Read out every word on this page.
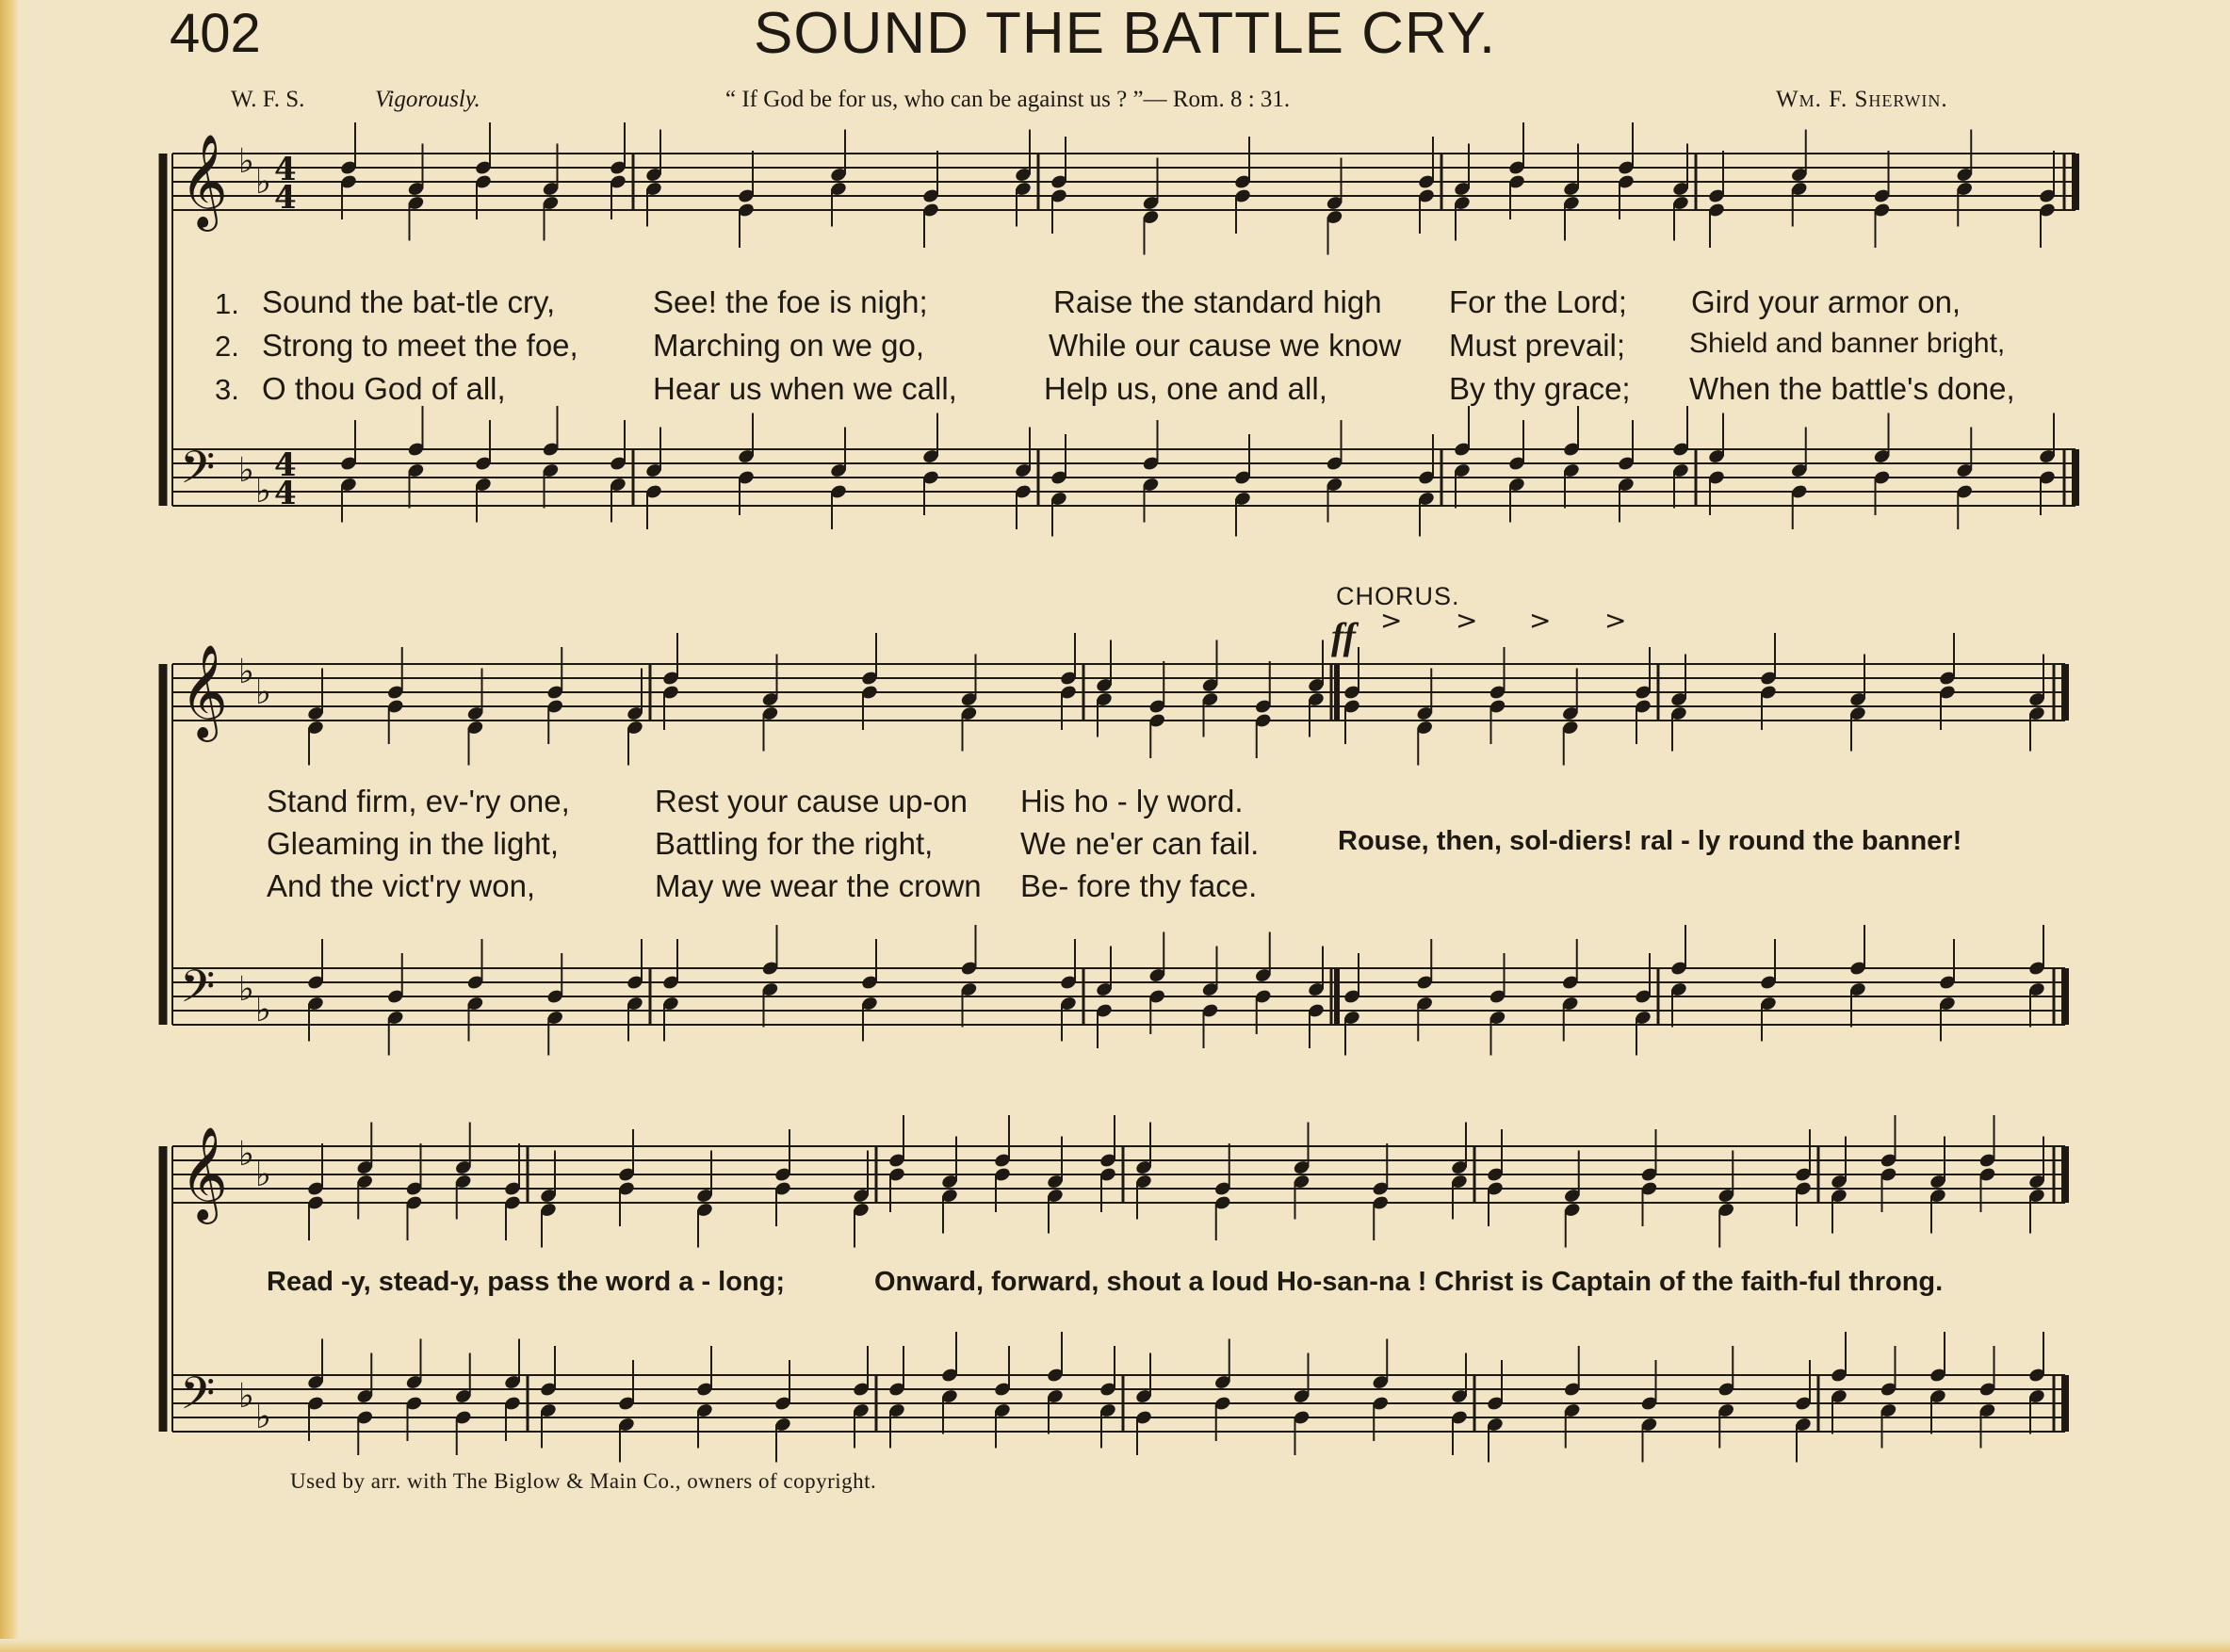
402	SOUND THE BATTLE CRY.
W. F. S.	Vigorously.	“ If God be for us, who can be against us ? ”— Rom. 8 : 31.	Wm. F. Sherwin.
𝄞
𝄢
♭
♭
♭
♭
4
4
4
4
𝄞
𝄢
♭
♭
♭
♭
𝄞
𝄢
♭
♭
♭
♭
> > > >
1.
2.
3.
Sound the bat-tle cry,	See! the foe is nigh;	Raise the standard high For the Lord; Gird your armor on,
Strong to meet the foe, Marching on we go,	While our cause we know Must prevail; Shield and banner bright,
O thou God of all,	Hear us when we call,	Help us, one and all,	By thy grace; When the battle's done,
CHORUS.
ff
Stand firm, ev-'ry one,	Rest your cause up-on His ho - ly word.
Gleaming in the light,	Battling for the right,	We ne'er can fail.	Rouse, then, sol-diers! ral - ly round the banner!
And the vict'ry won,	May we wear the crown Be- fore thy face.
Read -y, stead-y, pass the word a - long;	Onward, forward, shout a loud Ho-san-na ! Christ is Captain of the faith-ful throng.
Used by arr. with The Biglow & Main Co., owners of copyright.
